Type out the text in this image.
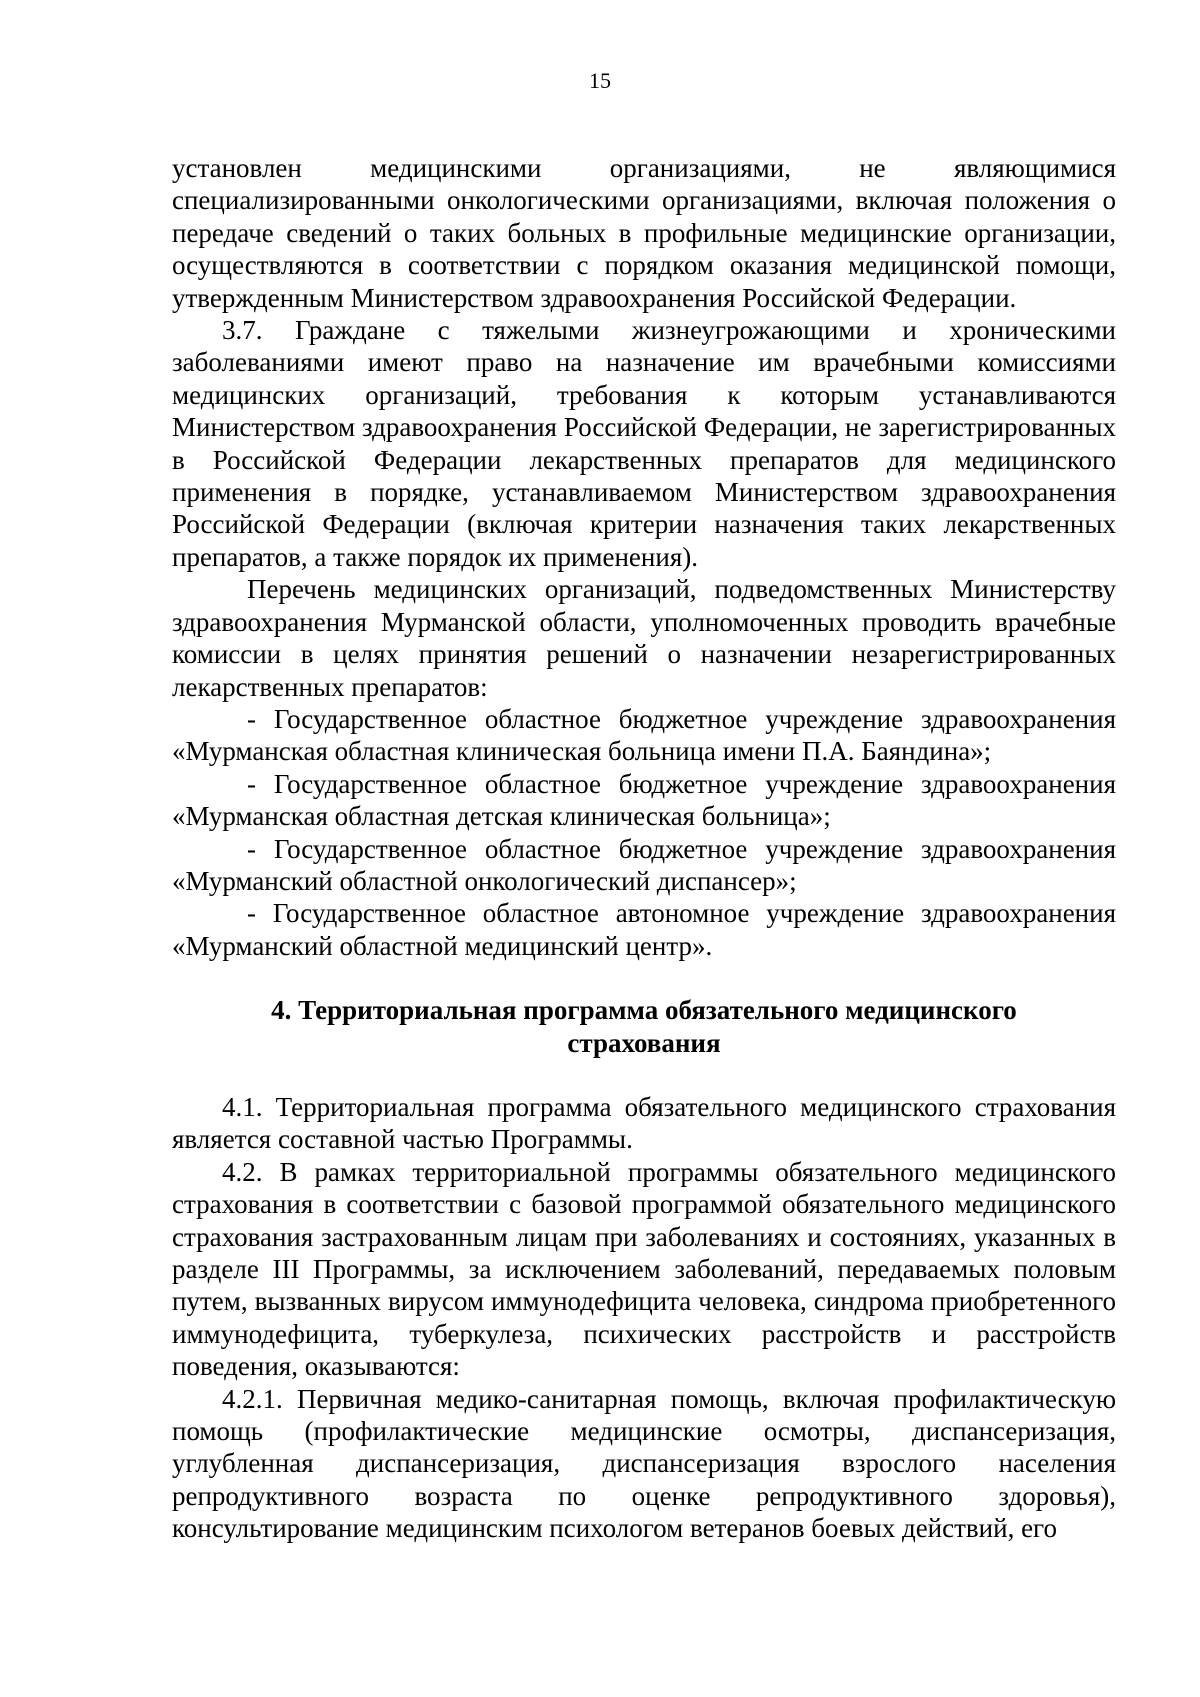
15

установлен медицинскими организациями, не являющимися специализированными онкологическими организациями, включая положения о передаче сведений о таких больных в профильные медицинские организации, осуществляются в соответствии с порядком оказания медицинской помощи, утвержденным Министерством здравоохранения Российской Федерации.

3.7. Граждане с тяжелыми жизнеугрожающими и хроническими заболеваниями имеют право на назначение им врачебными комиссиями медицинских организаций, требования к которым устанавливаются Министерством здравоохранения Российской Федерации, не зарегистрированных в Российской Федерации лекарственных препаратов для медицинского применения в порядке, устанавливаемом Министерством здравоохранения Российской Федерации (включая критерии назначения таких лекарственных препаратов, а также порядок их применения).

Перечень медицинских организаций, подведомственных Министерству здравоохранения Мурманской области, уполномоченных проводить врачебные комиссии в целях принятия решений о назначении незарегистрированных лекарственных препаратов:

- Государственное областное бюджетное учреждение здравоохранения «Мурманская областная клиническая больница имени П.А. Баяндина»;

- Государственное областное бюджетное учреждение здравоохранения «Мурманская областная детская клиническая больница»;

- Государственное областное бюджетное учреждение здравоохранения «Мурманский областной онкологический диспансер»;

- Государственное областное автономное учреждение здравоохранения «Мурманский областной медицинский центр».

4. Территориальная программа обязательного медицинского
страхования

4.1. Территориальная программа обязательного медицинского страхования является составной частью Программы.

4.2. В рамках территориальной программы обязательного медицинского страхования в соответствии с базовой программой обязательного медицинского страхования застрахованным лицам при заболеваниях и состояниях, указанных в разделе III Программы, за исключением заболеваний, передаваемых половым путем, вызванных вирусом иммунодефицита человека, синдрома приобретенного иммунодефицита, туберкулеза, психических расстройств и расстройств поведения, оказываются:

4.2.1. Первичная медико-санитарная помощь, включая профилактическую помощь (профилактические медицинские осмотры, диспансеризация, углубленная диспансеризация, диспансеризация взрослого населения репродуктивного возраста по оценке репродуктивного здоровья), консультирование медицинским психологом ветеранов боевых действий, его
